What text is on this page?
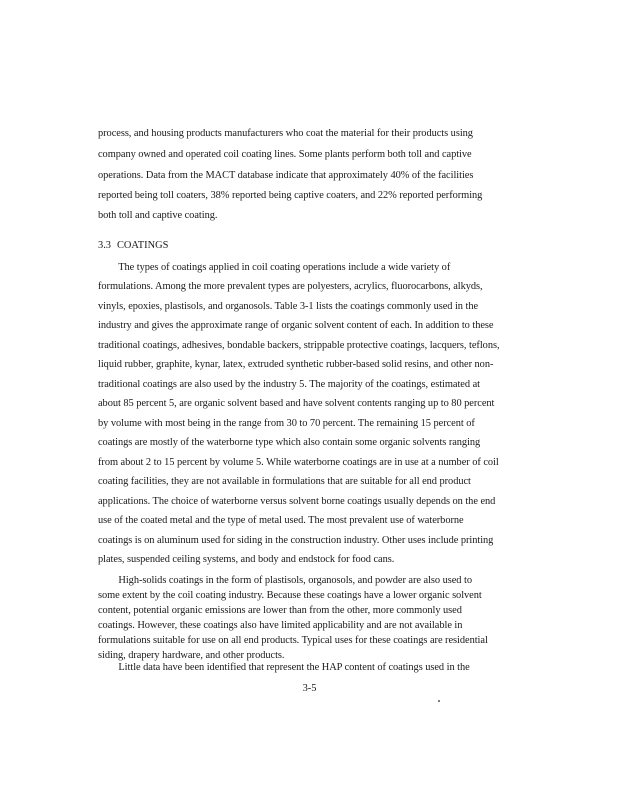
process, and housing products manufacturers who coat the material for their products using
company owned and operated coil coating lines. Some plants perform both toll and captive
operations. Data from the MACT database indicate that approximately 40% of the facilities
reported being toll coaters, 38% reported being captive coaters, and 22% reported performing
both toll and captive coating.
3.3 COATINGS
The types of coatings applied in coil coating operations include a wide variety of
formulations. Among the more prevalent types are polyesters, acrylics, fluorocarbons, alkyds,
vinyls, epoxies, plastisols, and organosols. Table 3-1 lists the coatings commonly used in the
industry and gives the approximate range of organic solvent content of each. In addition to these
traditional coatings, adhesives, bondable backers, strippable protective coatings, lacquers, teflons,
liquid rubber, graphite, kynar, latex, extruded synthetic rubber-based solid resins, and other non-
traditional coatings are also used by the industry 5. The majority of the coatings, estimated at
about 85 percent 5, are organic solvent based and have solvent contents ranging up to 80 percent
by volume with most being in the range from 30 to 70 percent. The remaining 15 percent of
coatings are mostly of the waterborne type which also contain some organic solvents ranging
from about 2 to 15 percent by volume 5. While waterborne coatings are in use at a number of coil
coating facilities, they are not available in formulations that are suitable for all end product
applications. The choice of waterborne versus solvent borne coatings usually depends on the end
use of the coated metal and the type of metal used. The most prevalent use of waterborne
coatings is on aluminum used for siding in the construction industry. Other uses include printing
plates, suspended ceiling systems, and body and endstock for food cans.
High-solids coatings in the form of plastisols, organosols, and powder are also used to
some extent by the coil coating industry. Because these coatings have a lower organic solvent
content, potential organic emissions are lower than from the other, more commonly used
coatings. However, these coatings also have limited applicability and are not available in
formulations suitable for use on all end products. Typical uses for these coatings are residential
siding, drapery hardware, and other products.
Little data have been identified that represent the HAP content of coatings used in the
3-5
